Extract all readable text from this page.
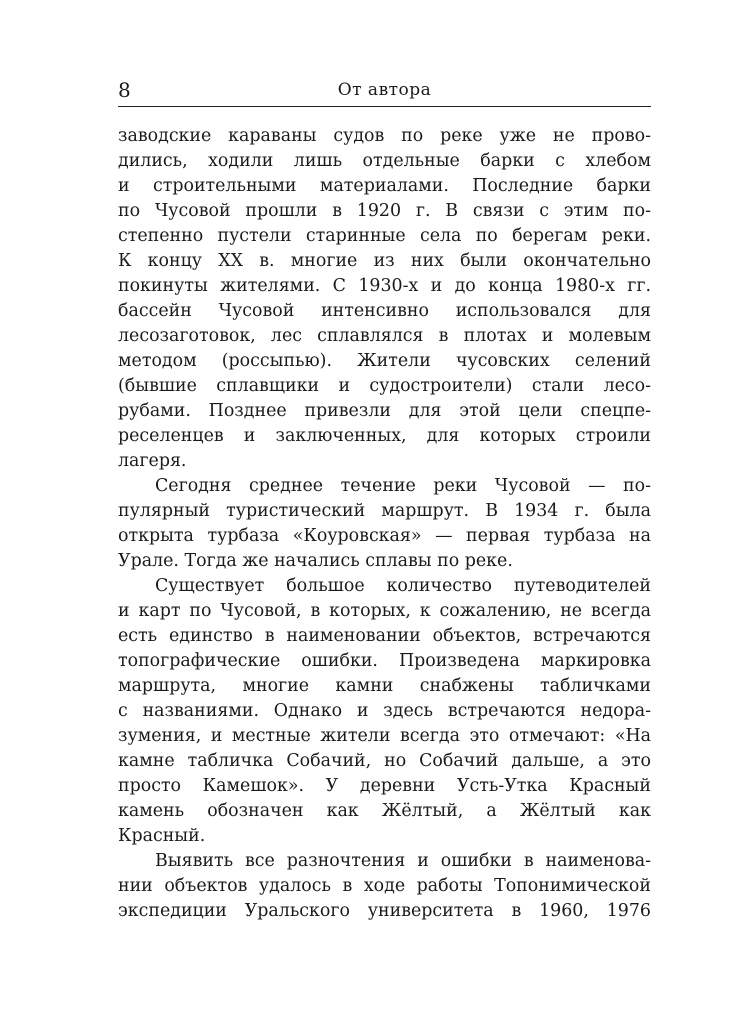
8	От автора
заводские караваны судов по реке уже не прово-
дились, ходили лишь отдельные барки с хлебом
и строительными материалами. Последние барки
по Чусовой прошли в 1920 г. В связи с этим по-
степенно пустели старинные села по берегам реки.
К концу XX в. многие из них были окончательно
покинуты жителями. С 1930-х и до конца 1980-х гг.
бассейн Чусовой интенсивно использовался для
лесозаготовок, лес сплавлялся в плотах и молевым
методом (россыпью). Жители чусовских селений
(бывшие сплавщики и судостроители) стали лесо-
рубами. Позднее привезли для этой цели спецпе-
реселенцев и заключенных, для которых строили
лагеря.
Сегодня среднее течение реки Чусовой — по-
пулярный туристический маршрут. В 1934 г. была
открыта турбаза «Коуровская» — первая турбаза на
Урале. Тогда же начались сплавы по реке.
Существует большое количество путеводителей
и карт по Чусовой, в которых, к сожалению, не всегда
есть единство в наименовании объектов, встречаются
топографические ошибки. Произведена маркировка
маршрута, многие камни снабжены табличками
с названиями. Однако и здесь встречаются недора-
зумения, и местные жители всегда это отмечают: «На
камне табличка Собачий, но Собачий дальше, а это
просто Камешок». У деревни Усть-Утка Красный
камень обозначен как Жёлтый, а Жёлтый как
Красный.
Выявить все разночтения и ошибки в наименова-
нии объектов удалось в ходе работы Топонимической
экспедиции Уральского университета в 1960, 1976
